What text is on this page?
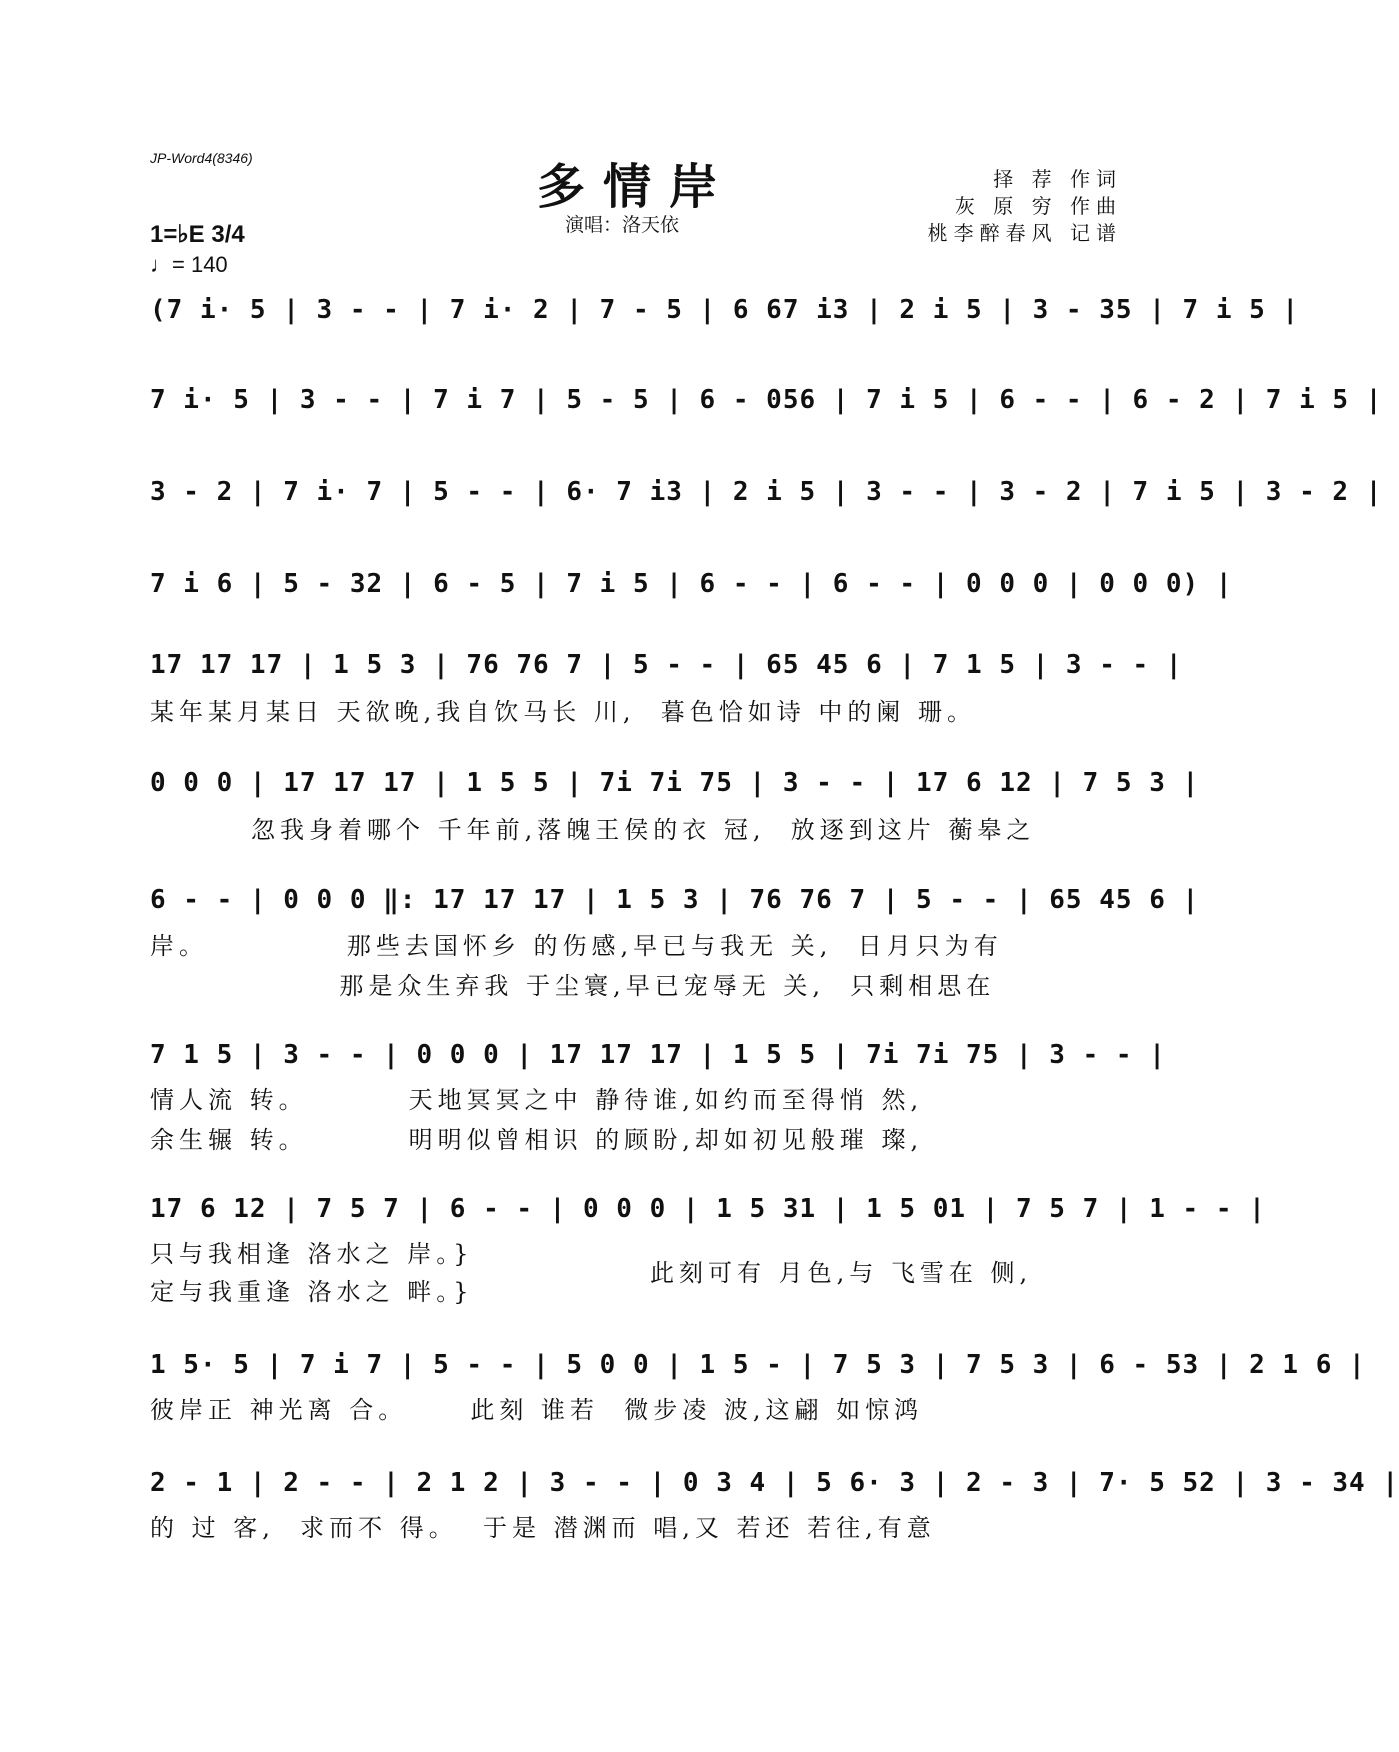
JP-Word4(8346)
多情岸
演唱：洛天依
择 荐 作词
灰 原 穷 作曲
桃李醉春风 记谱
1=♭E 3/4
♩= 140
(7 i· 5 | 3 - - | 7 i· 2 | 7 - 5 | 6 67 i3 | 2 i 5 | 3 - 35 | 7 i 5 |
7 i· 5 | 3 - - | 7 i 7 | 5 - 5 | 6 - 056 | 7 i 5 | 6 - - | 6 - 2 | 7 i 5 |
3 - 2 | 7 i· 7 | 5 - - | 6· 7 i3 | 2 i 5 | 3 - - | 3 - 2 | 7 i 5 | 3 - 2 |
7 i 6 | 5 - 32 | 6 - 5 | 7 i 5 | 6 - - | 6 - - | 0 0 0 | 0 0 0) |
17 17 17 | 1 5 3 | 76 76 7 | 5 - - | 65 45 6 | 7 1 5 | 3 - - |
某年某月某日 天欲晚,我自饮马长 川,  暮色恰如诗 中的阑 珊。
0 0 0 | 17 17 17 | 1 5 5 | 7i 7i 75 | 3 - - | 17 6 12 | 7 5 3 |
忽我身着哪个 千年前,落魄王侯的衣 冠,  放逐到这片 蘅皋之
6 - - | 0 0 0 ‖: 17 17 17 | 1 5 3 | 76 76 7 | 5 - - | 65 45 6 |
岸。           那些去国怀乡 的伤感,早已与我无 关,  日月只为有
那是众生弃我 于尘寰,早已宠辱无 关,  只剩相思在
7 1 5 | 3 - - | 0 0 0 | 17 17 17 | 1 5 5 | 7i 7i 75 | 3 - - |
情人流 转。        天地冥冥之中 静待谁,如约而至得悄 然,
余生辗 转。        明明似曾相识 的顾盼,却如初见般璀 璨,
17 6 12 | 7 5 7 | 6 - - | 0 0 0 | 1 5 31 | 1 5 01 | 7 5 7 | 1 - - |
只与我相逢 洛水之 岸。}
定与我重逢 洛水之 畔。}
此刻可有 月色,与 飞雪在 侧,
1 5· 5 | 7 i 7 | 5 - - | 5 0 0 | 1 5 - | 7 5 3 | 7 5 3 | 6 - 53 | 2 1 6 |
彼岸正 神光离 合。     此刻 谁若  微步凌 波,这翩 如惊鸿
2 - 1 | 2 - - | 2 1 2 | 3 - - | 0 3 4 | 5 6· 3 | 2 - 3 | 7· 5 52 | 3 - 34 |
的 过 客,  求而不 得。  于是 潜渊而 唱,又 若还 若往,有意
